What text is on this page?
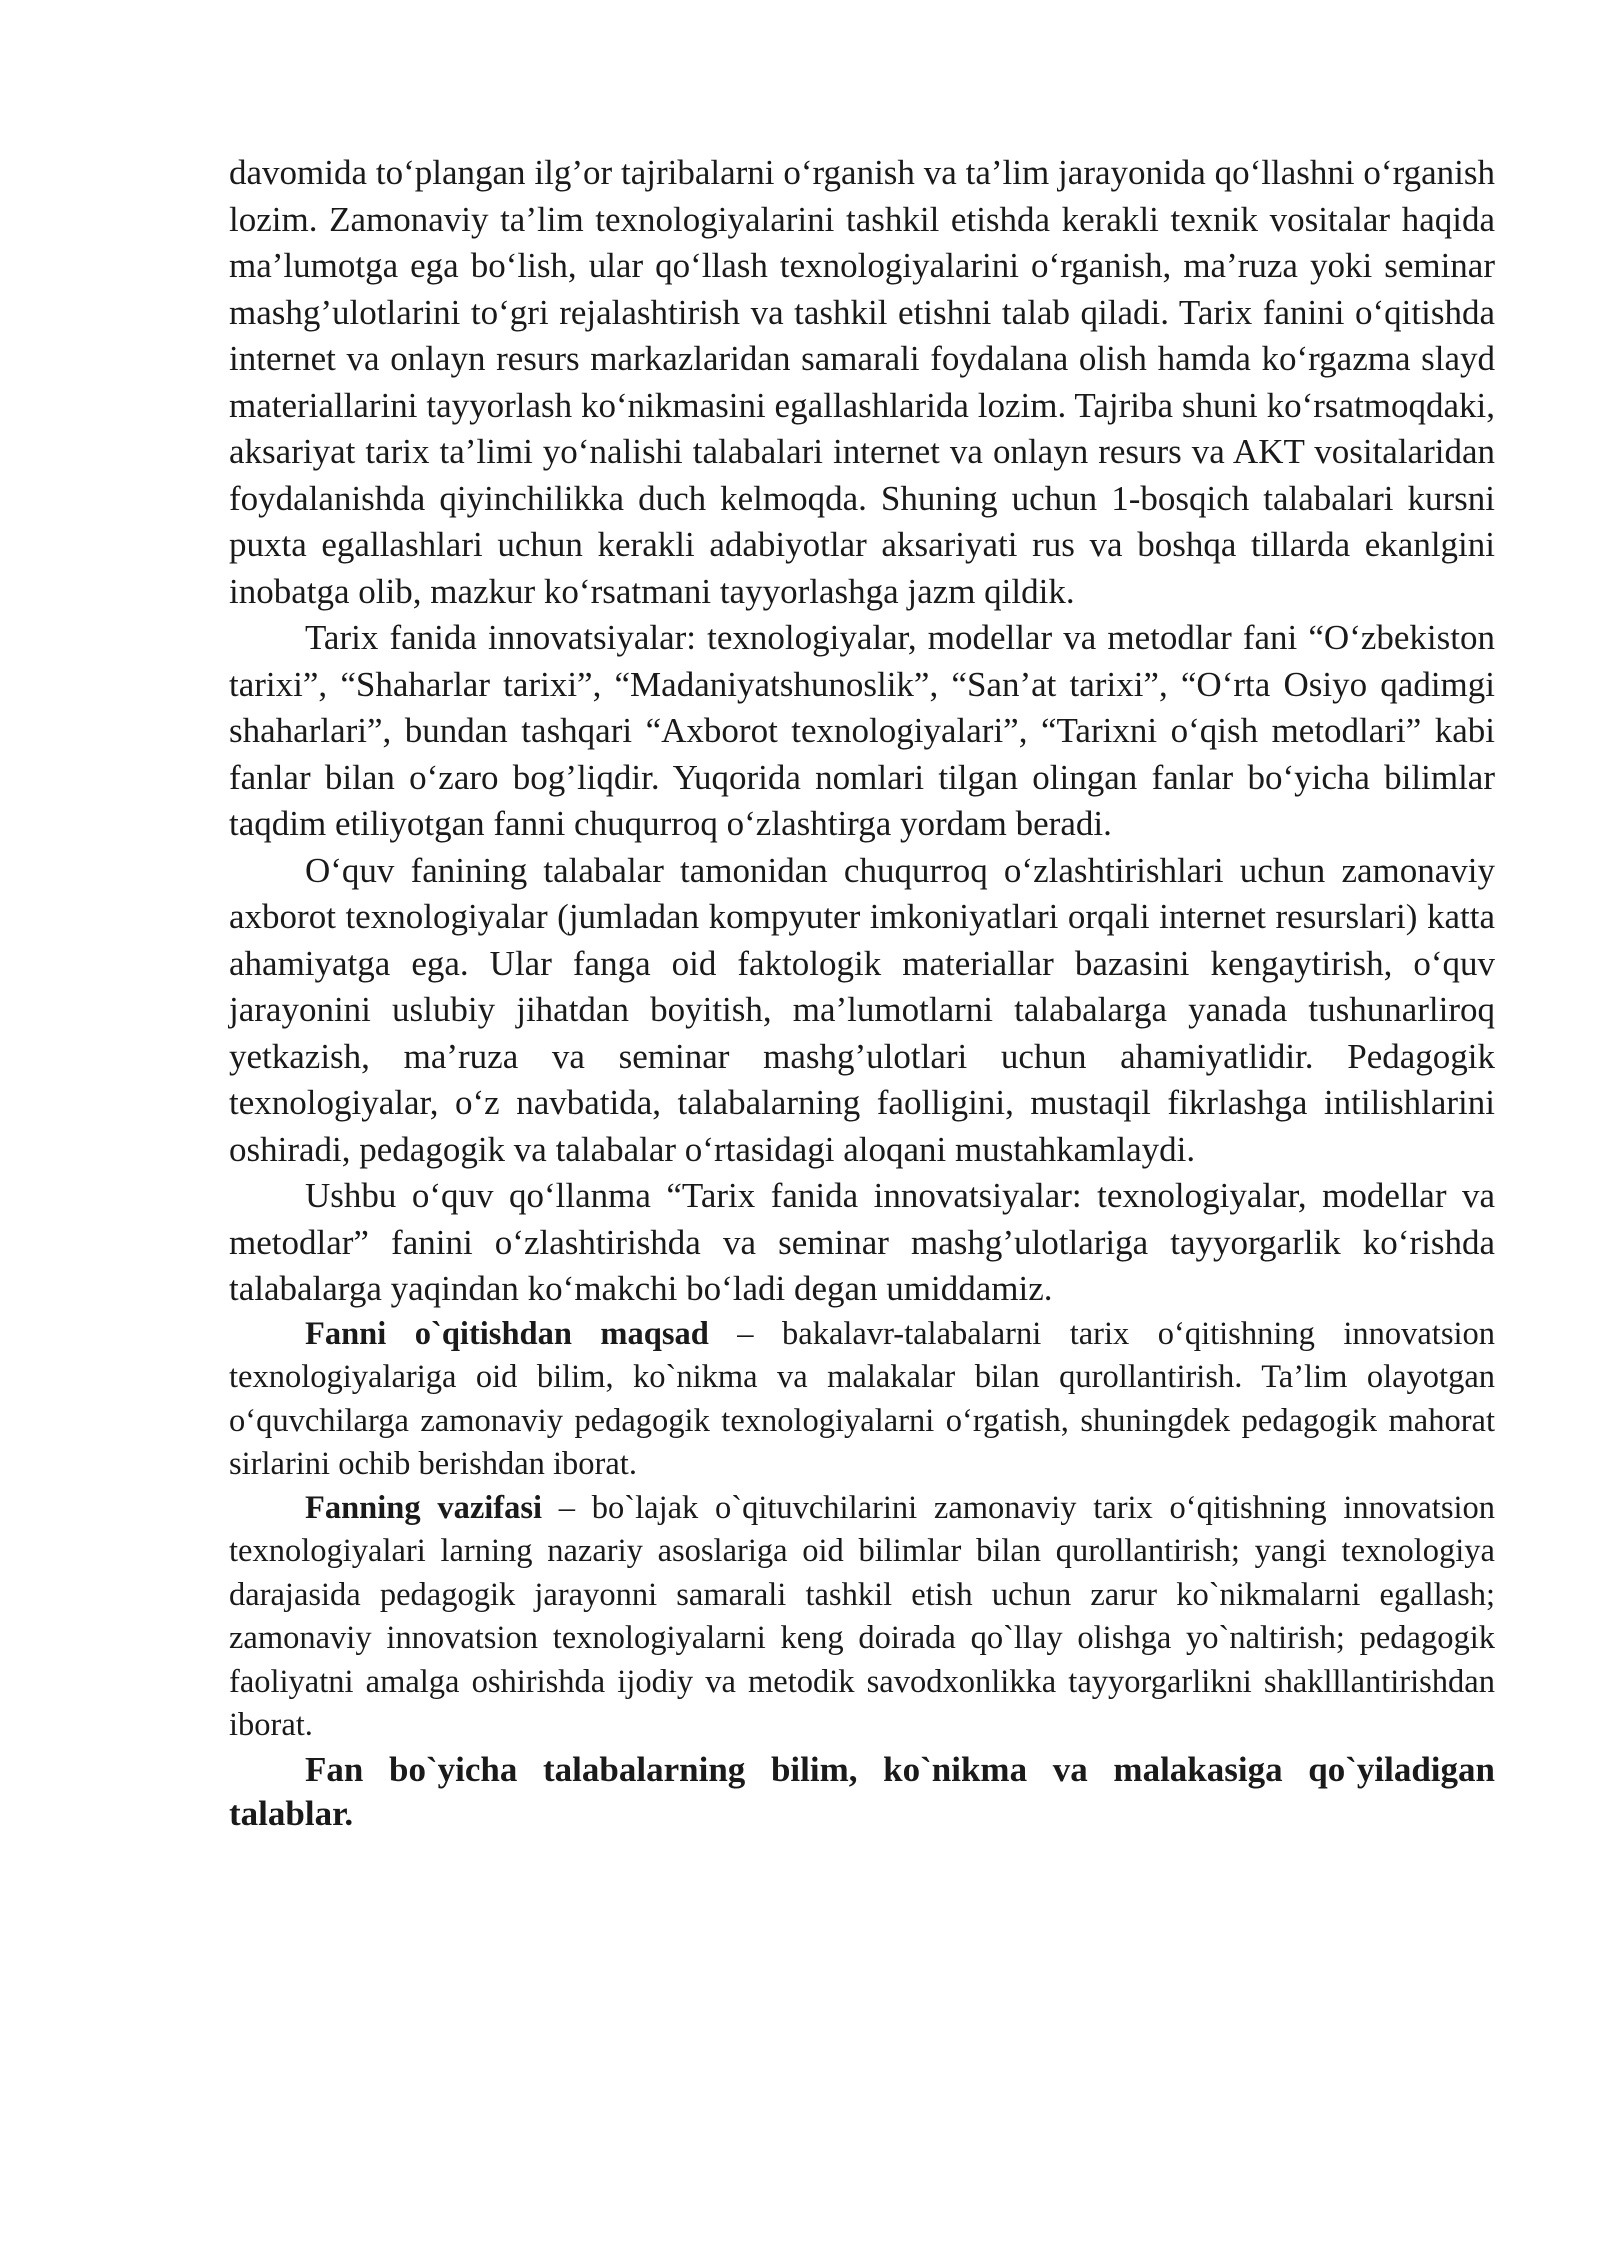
davomida to‘plangan ilg’or tajribalarni o‘rganish va ta’lim jarayonida qo‘llashni o‘rganish lozim. Zamonaviy ta’lim texnologiyalarini tashkil etishda kerakli texnik vositalar haqida ma’lumotga ega bo‘lish, ular qo‘llash texnologiyalarini o‘rganish, ma’ruza yoki seminar mashg’ulotlarini to‘gri rejalashtirish va tashkil etishni talab qiladi. Tarix fanini o‘qitishda internet va onlayn resurs markazlaridan samarali foydalana olish hamda ko‘rgazma slayd materiallarini tayyorlash ko‘nikmasini egallashlarida lozim. Tajriba shuni ko‘rsatmoqdaki, aksariyat tarix ta’limi yo‘nalishi talabalari internet va onlayn resurs va AKT vositalaridan foydalanishda qiyinchilikka duch kelmoqda. Shuning uchun 1-bosqich talabalari kursni puxta egallashlari uchun kerakli adabiyotlar aksariyati rus va boshqa tillarda ekanlgini inobatga olib, mazkur ko‘rsatmani tayyorlashga jazm qildik.

Tarix fanida innovatsiyalar: texnologiyalar, modellar va metodlar fani “O‘zbekiston tarixi”, “Shaharlar tarixi”, “Madaniyatshunoslik”, “San’at tarixi”, “O‘rta Osiyo qadimgi shaharlari”, bundan tashqari “Axborot texnologiyalari”, “Tarixni o‘qish metodlari” kabi fanlar bilan o‘zaro bog’liqdir. Yuqorida nomlari tilgan olingan fanlar bo‘yicha bilimlar taqdim etiliyotgan fanni chuqurroq o‘zlashtirga yordam beradi.

O‘quv fanining talabalar tamonidan chuqurroq o‘zlashtirishlari uchun zamonaviy axborot texnologiyalar (jumladan kompyuter imkoniyatlari orqali internet resurslari) katta ahamiyatga ega. Ular fanga oid faktologik materiallar bazasini kengaytirish, o‘quv jarayonini uslubiy jihatdan boyitish, ma’lumotlarni talabalarga yanada tushunarliroq yetkazish, ma’ruza va seminar mashg’ulotlari uchun ahamiyatlidir. Pedagogik texnologiyalar, o‘z navbatida, talabalarning faolligini, mustaqil fikrlashga intilishlarini oshiradi, pedagogik va talabalar o‘rtasidagi aloqani mustahkamlaydi.

Ushbu o‘quv qo‘llanma “Tarix fanida innovatsiyalar: texnologiyalar, modellar va metodlar” fanini o‘zlashtirishda va seminar mashg’ulotlariga tayyorgarlik ko‘rishda talabalarga yaqindan ko‘makchi bo‘ladi degan umiddamiz.

Fanni o`qitishdan maqsad – bakalavr-talabalarni tarix o‘qitishning innovatsion texnologiyalariga oid bilim, ko`nikma va malakalar bilan qurollantirish. Ta’lim olayotgan o‘quvchilarga zamonaviy pedagogik texnologiyalarni o‘rgatish, shuningdek pedagogik mahorat sirlarini ochib berishdan iborat.

Fanning vazifasi – bo`lajak o`qituvchilarini zamonaviy tarix o‘qitishning innovatsion texnologiyalari larning nazariy asoslariga oid bilimlar bilan qurollantirish; yangi texnologiya darajasida pedagogik jarayonni samarali tashkil etish uchun zarur ko`nikmalarni egallash; zamonaviy innovatsion texnologiyalarni keng doirada qo`llay olishga yo`naltirish; pedagogik faoliyatni amalga oshirishda ijodiy va metodik savodxonlikka tayyorgarlikni shaklllantirishdan iborat.

Fan bo`yicha talabalarning bilim, ko`nikma va malakasiga qo`yiladigan talablar.
